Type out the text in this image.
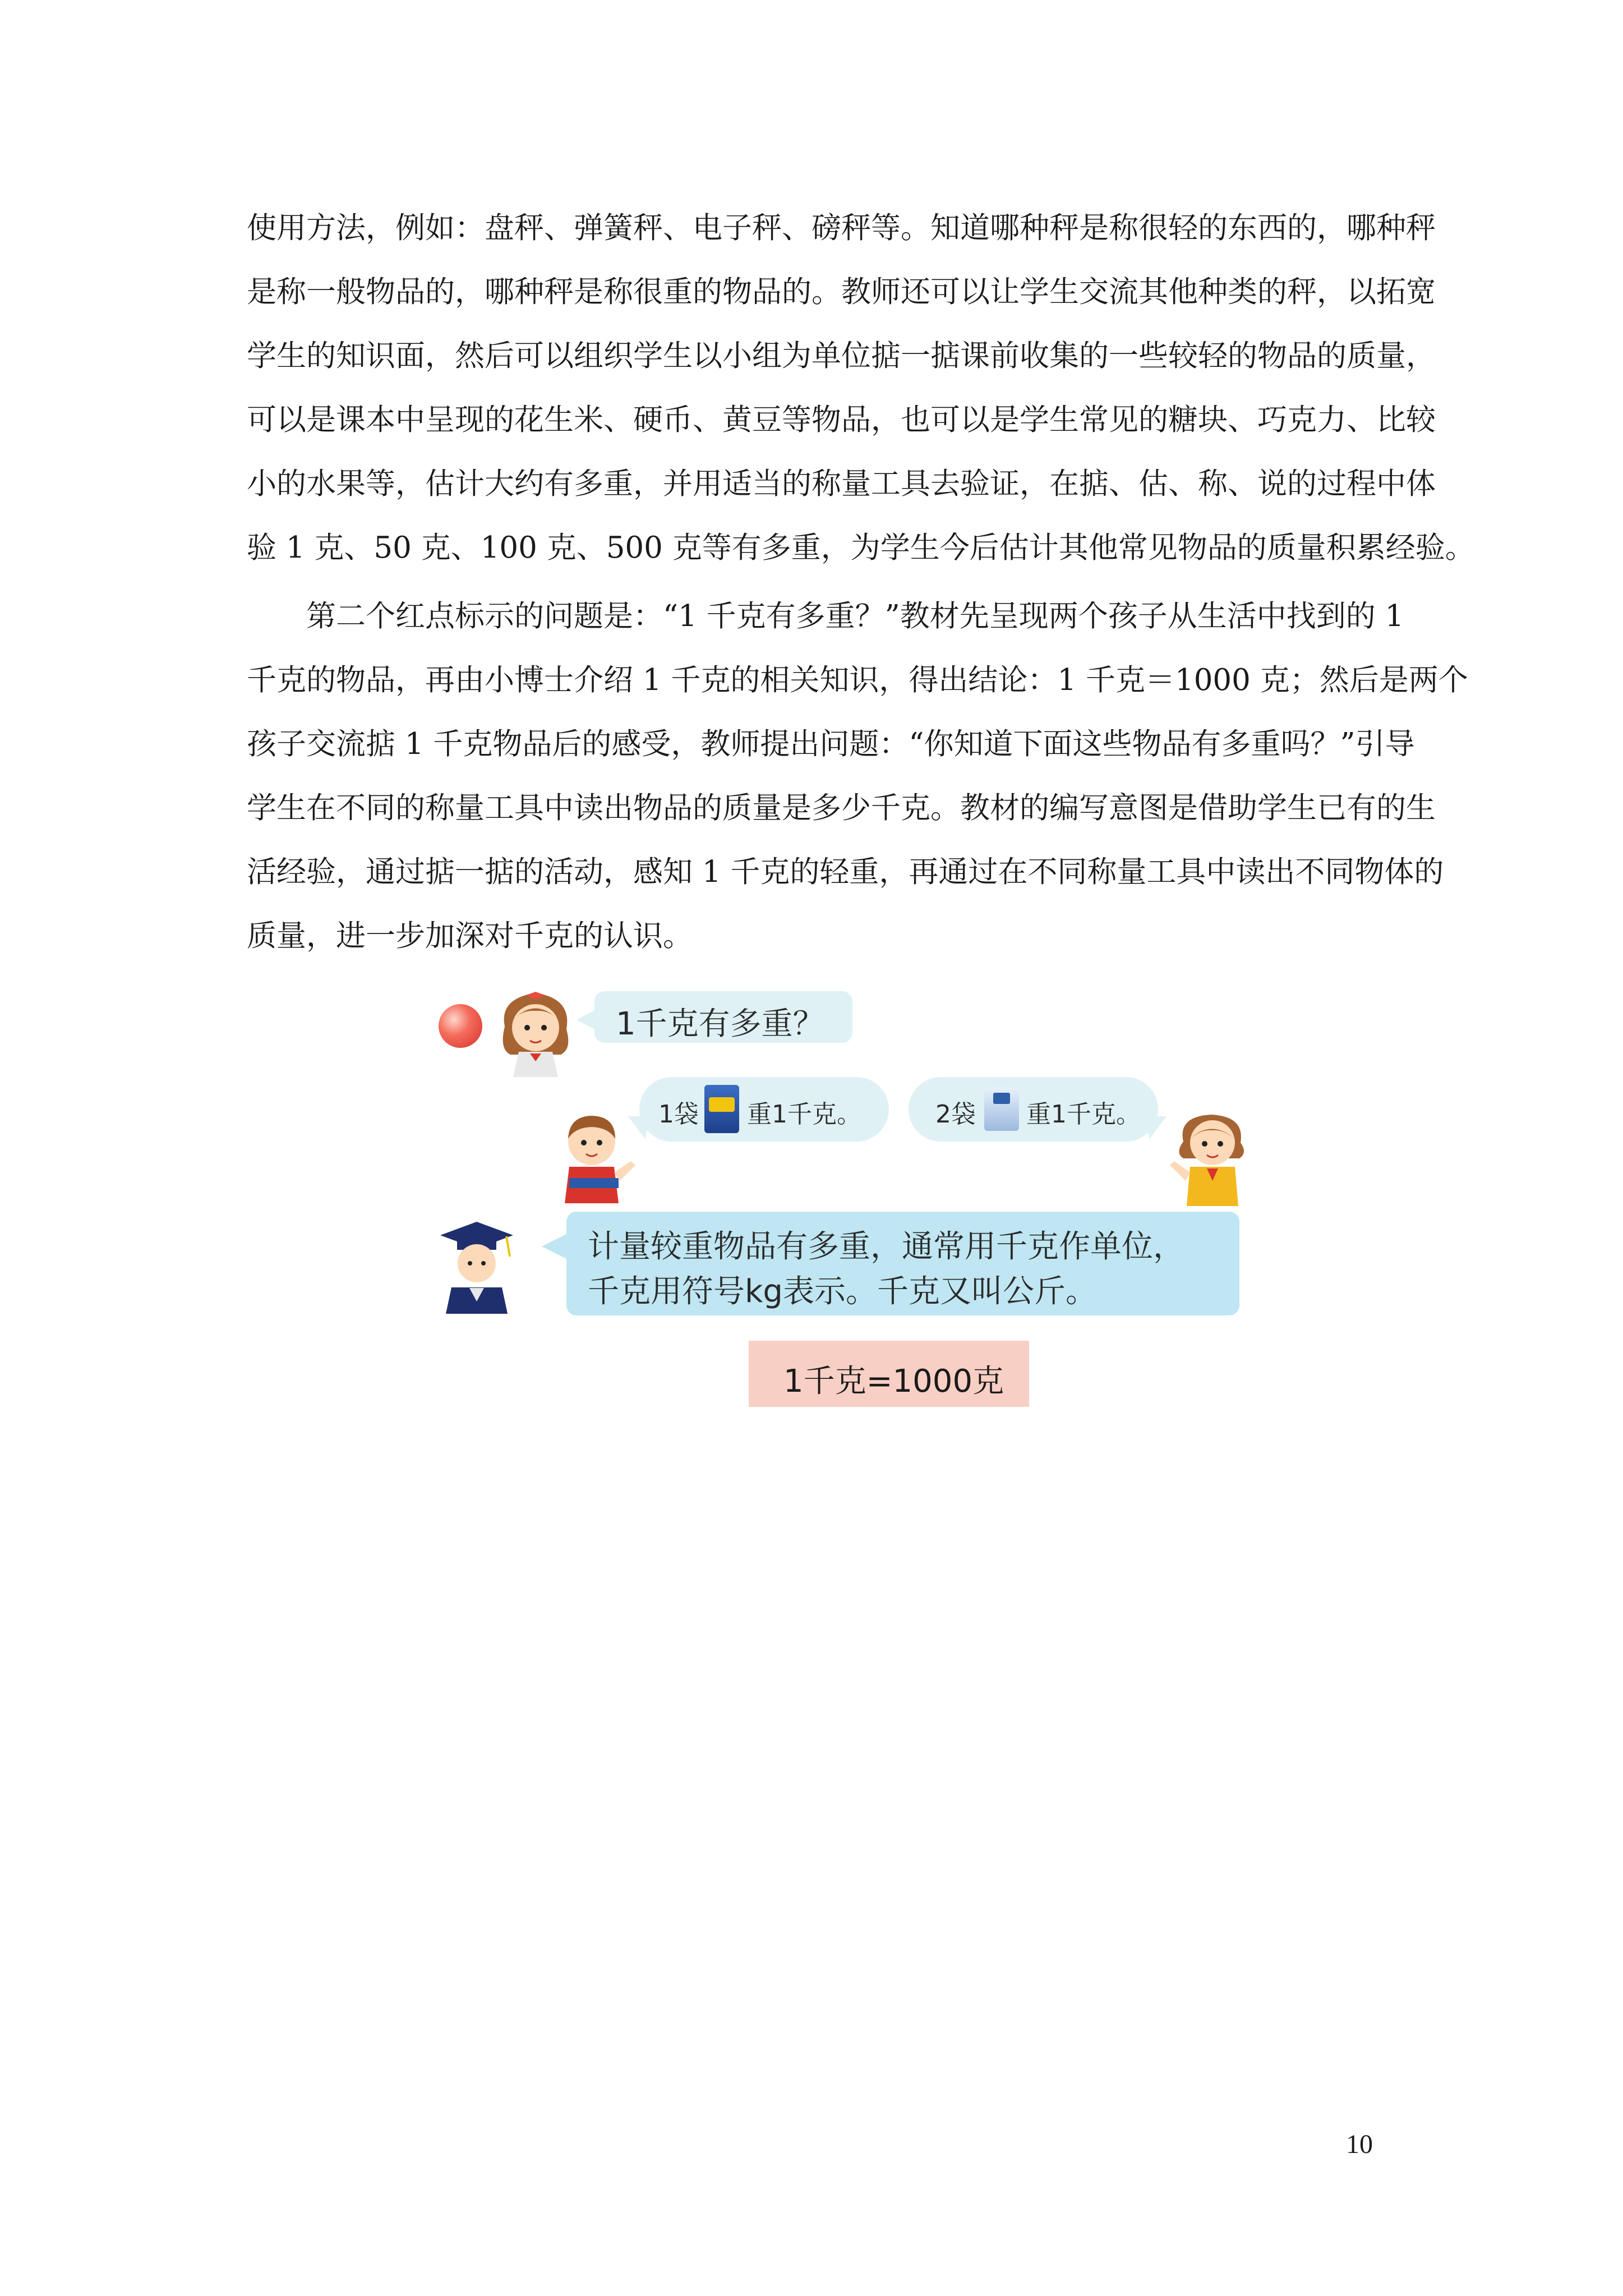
使用方法，例如：盘秤、弹簧秤、电子秤、磅秤等。知道哪种秤是称很轻的东西的，哪种秤
是称一般物品的，哪种秤是称很重的物品的。教师还可以让学生交流其他种类的秤，以拓宽
学生的知识面，然后可以组织学生以小组为单位掂一掂课前收集的一些较轻的物品的质量，
可以是课本中呈现的花生米、硬币、黄豆等物品，也可以是学生常见的糖块、巧克力、比较
小的水果等，估计大约有多重，并用适当的称量工具去验证，在掂、估、称、说的过程中体
验 1 克、50 克、100 克、500 克等有多重，为学生今后估计其他常见物品的质量积累经验。
第二个红点标示的问题是：“1 千克有多重？”教材先呈现两个孩子从生活中找到的 1
千克的物品，再由小博士介绍 1 千克的相关知识，得出结论：1 千克＝1000 克；然后是两个
孩子交流掂 1 千克物品后的感受，教师提出问题：“你知道下面这些物品有多重吗？”引导
学生在不同的称量工具中读出物品的质量是多少千克。教材的编写意图是借助学生已有的生
活经验，通过掂一掂的活动，感知 1 千克的轻重，再通过在不同称量工具中读出不同物体的
质量，进一步加深对千克的认识。
1千克有多重？
1袋 重1千克。	2袋 重1千克。
计量较重物品有多重，通常用千克作单位，
千克用符号kg表示。千克又叫公斤。
1千克=1000克
10
